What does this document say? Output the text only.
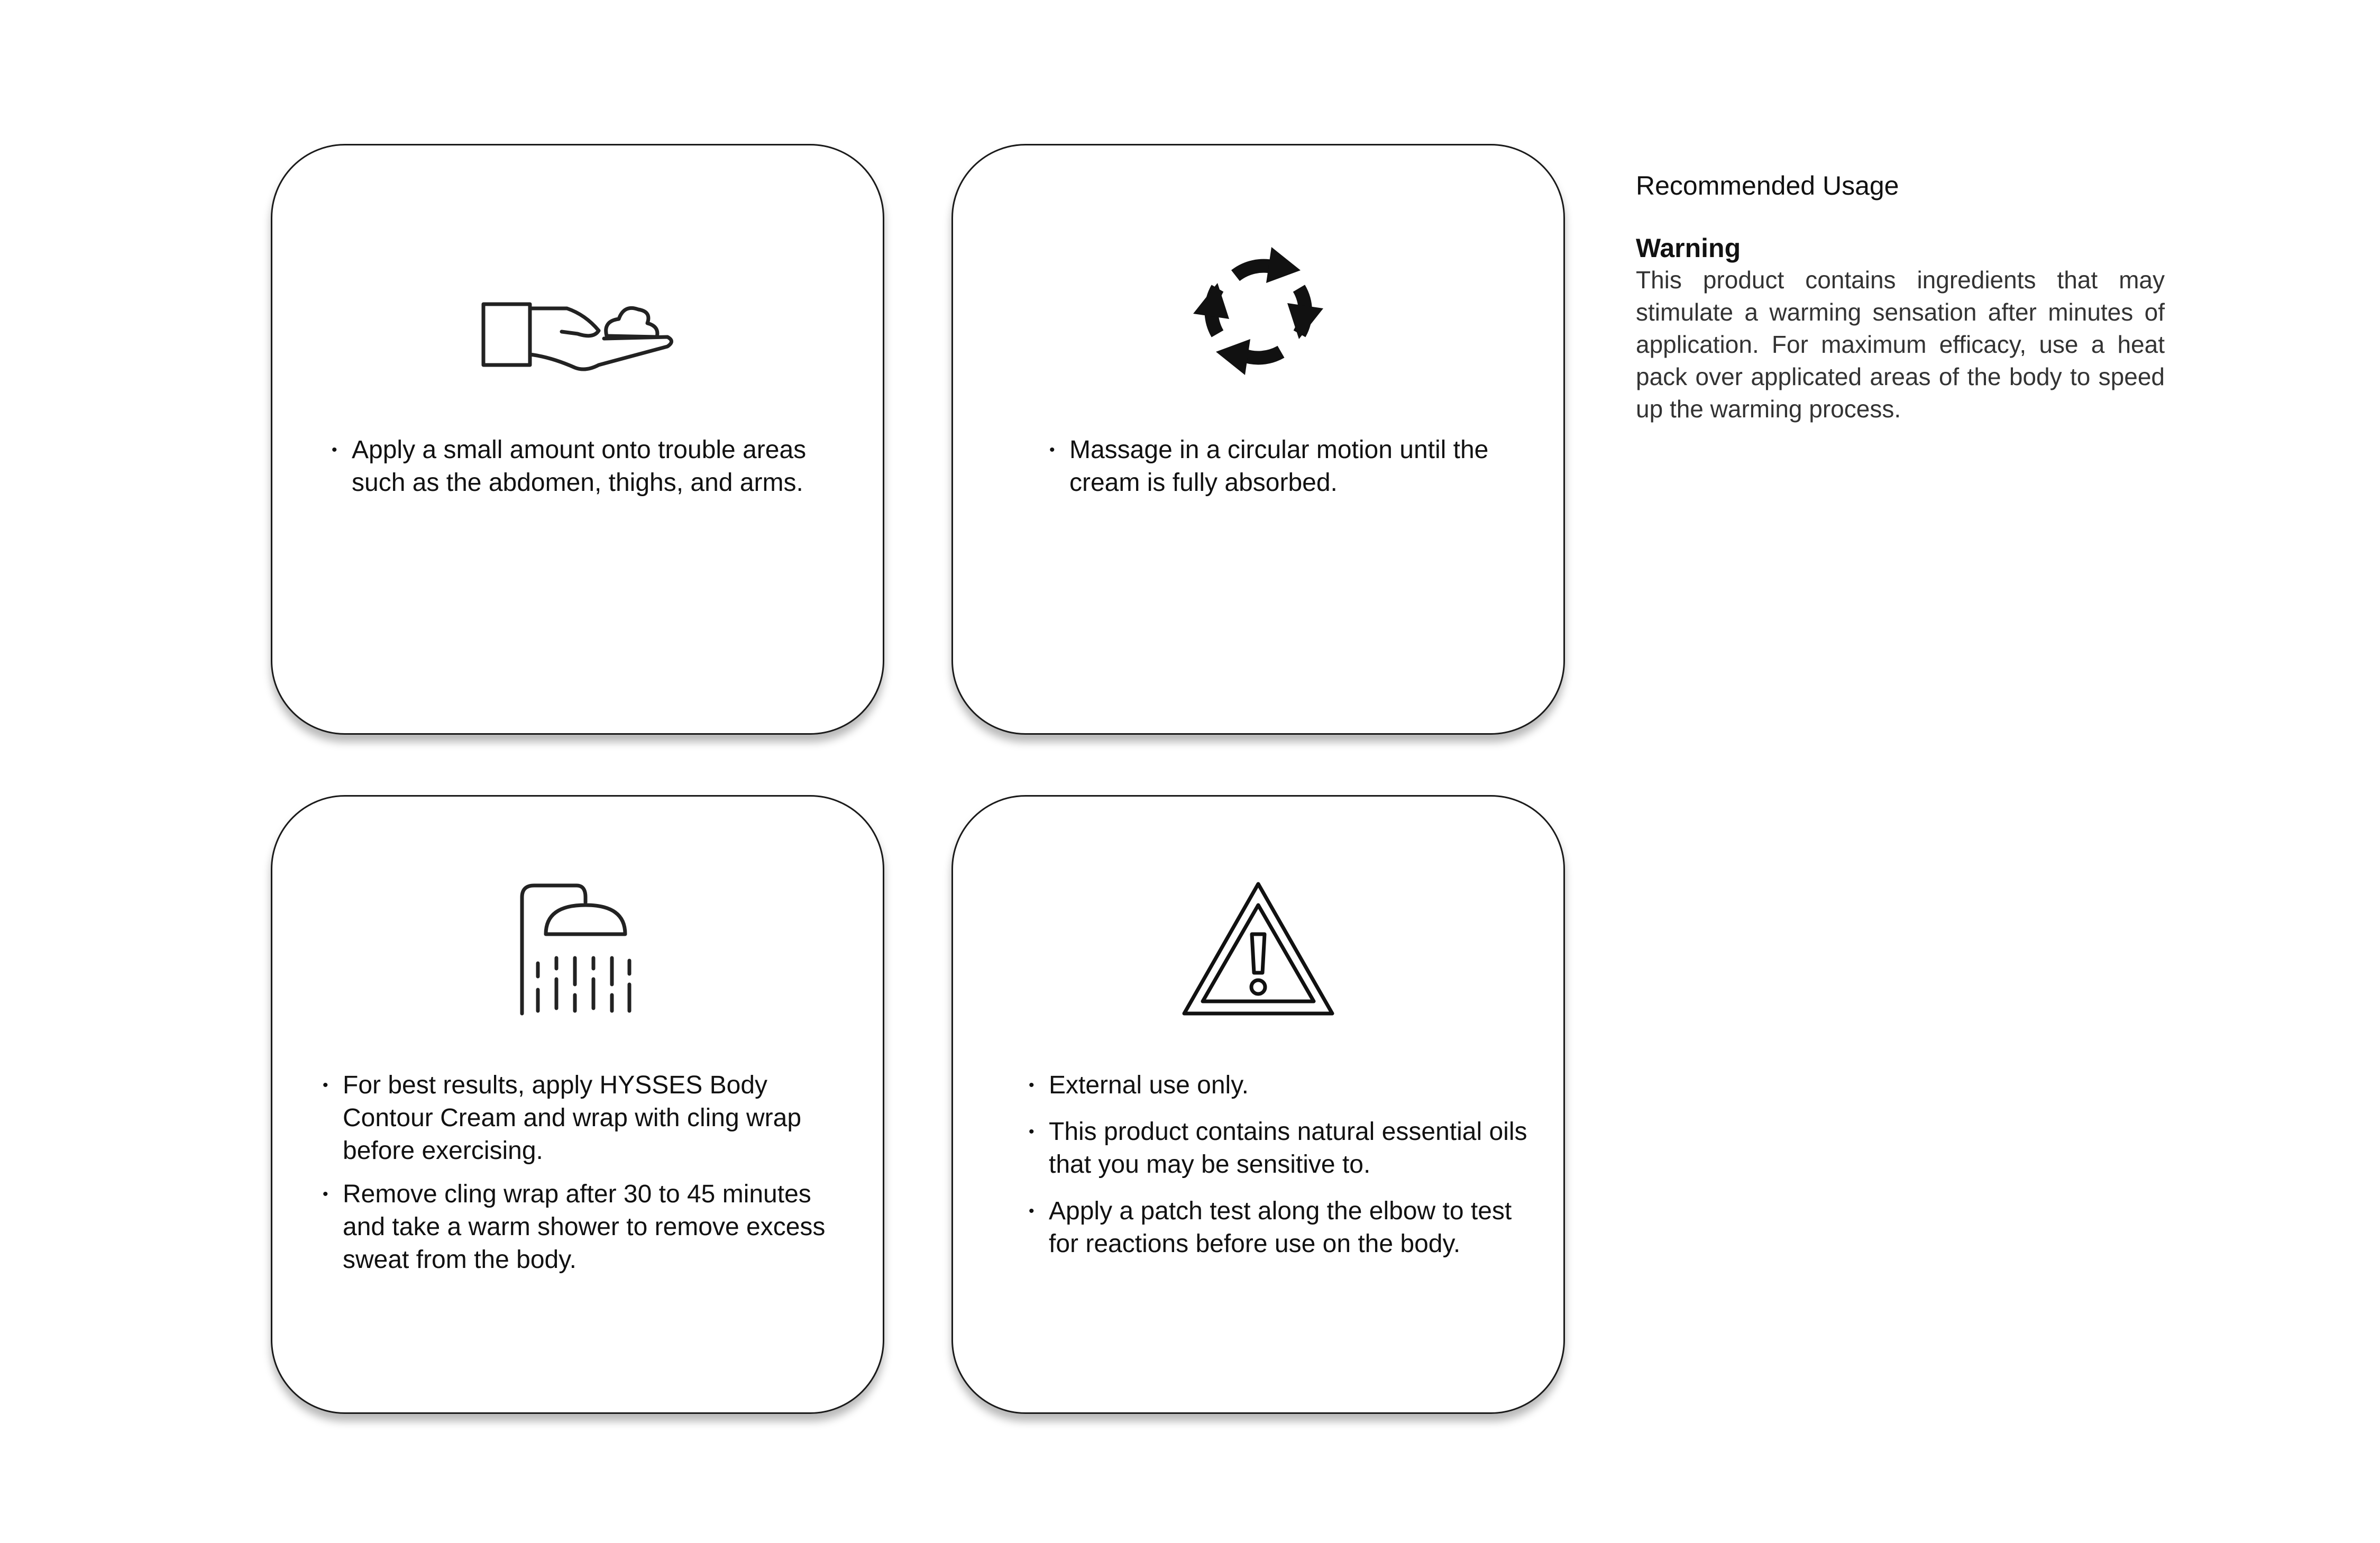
• Apply a small amount onto trouble areas such as the abdomen, thighs, and arms.
• Massage in a circular motion until the cream is fully absorbed.
• For best results, apply HYSSES Body Contour Cream and wrap with cling wrap before exercising.
• Remove cling wrap after 30 to 45 minutes and take a warm shower to remove excess sweat from the body.
• External use only.
• This product contains natural essential oils that you may be sensitive to.
• Apply a patch test along the elbow to test for reactions before use on the body.
Recommended Usage
Warning

This product contains ingredients that may stimulate a warming sensation after minutes of application. For maximum efficacy, use a heat pack over applicated areas of the body to speed up the warming process.
